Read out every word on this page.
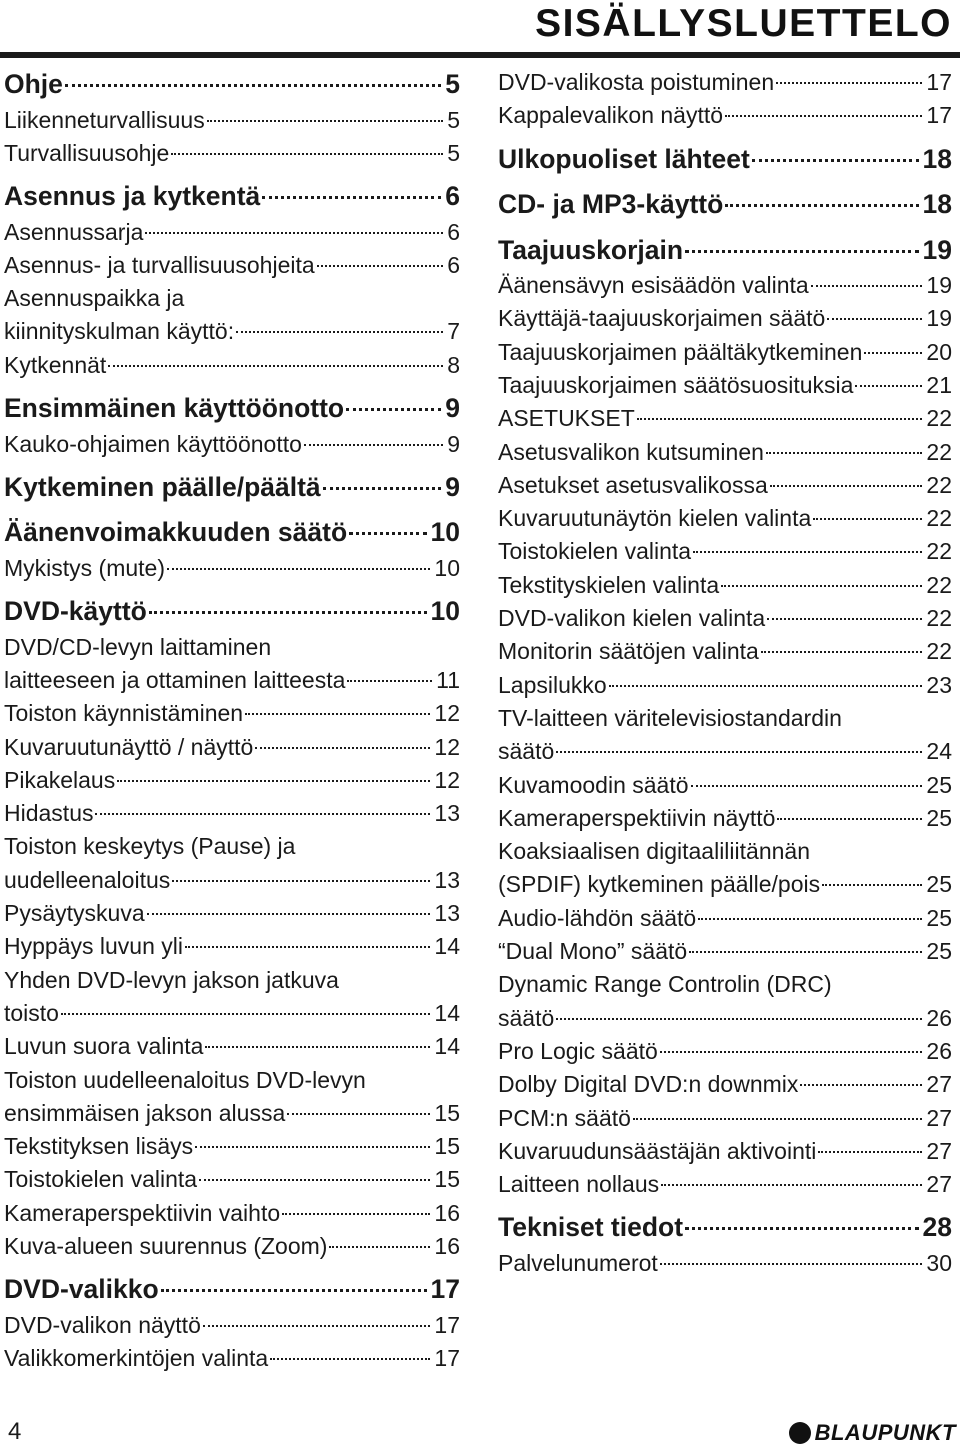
SISÄLLYSLUETTELO
Ohje	5
Liikenneturvallisuus	5
Turvallisuusohje	5
Asennus ja kytkentä	6
Asennussarja	6
Asennus- ja turvallisuusohjeita	6
Asennuspaikka ja
kiinnityskulman käyttö:	7
Kytkennät	8
Ensimmäinen käyttöönotto	9
Kauko-ohjaimen käyttöönotto	9
Kytkeminen päälle/päältä	9
Äänenvoimakkuuden säätö	10
Mykistys (mute)	10
DVD-käyttö	10
DVD/CD-levyn laittaminen
laitteeseen ja ottaminen laitteesta	11
Toiston käynnistäminen	12
Kuvaruutunäyttö / näyttö	12
Pikakelaus	12
Hidastus	13
Toiston keskeytys (Pause) ja
uudelleenaloitus	13
Pysäytyskuva	13
Hyppäys luvun yli	14
Yhden DVD-levyn jakson jatkuva
toisto	14
Luvun suora valinta	14
Toiston uudelleenaloitus DVD-levyn
ensimmäisen jakson alussa	15
Tekstityksen lisäys	15
Toistokielen valinta	15
Kameraperspektiivin vaihto	16
Kuva-alueen suurennus (Zoom)	16
DVD-valikko	17
DVD-valikon näyttö	17
Valikkomerkintöjen valinta	17
DVD-valikosta poistuminen	17
Kappalevalikon näyttö	17
Ulkopuoliset lähteet	18
CD- ja MP3-käyttö	18
Taajuuskorjain	19
Äänensävyn esisäädön valinta	19
Käyttäjä-taajuuskorjaimen säätö	19
Taajuuskorjaimen päältäkytkeminen	20
Taajuuskorjaimen säätösuosituksia	21
ASETUKSET	22
Asetusvalikon kutsuminen	22
Asetukset asetusvalikossa	22
Kuvaruutunäytön kielen valinta	22
Toistokielen valinta	22
Tekstityskielen valinta	22
DVD-valikon kielen valinta	22
Monitorin säätöjen valinta	22
Lapsilukko	23
TV-laitteen väritelevisiostandardin
säätö	24
Kuvamoodin säätö	25
Kameraperspektiivin näyttö	25
Koaksiaalisen digitaaliliitännän
(SPDIF) kytkeminen päälle/pois	25
Audio-lähdön säätö	25
“Dual Mono” säätö	25
Dynamic Range Controlin (DRC)
säätö	26
Pro Logic säätö	26
Dolby Digital DVD:n downmix	27
PCM:n säätö	27
Kuvaruudunsäästäjän aktivointi	27
Laitteen nollaus	27
Tekniset tiedot	28
Palvelunumerot	30
4	BLAUPUNKT
